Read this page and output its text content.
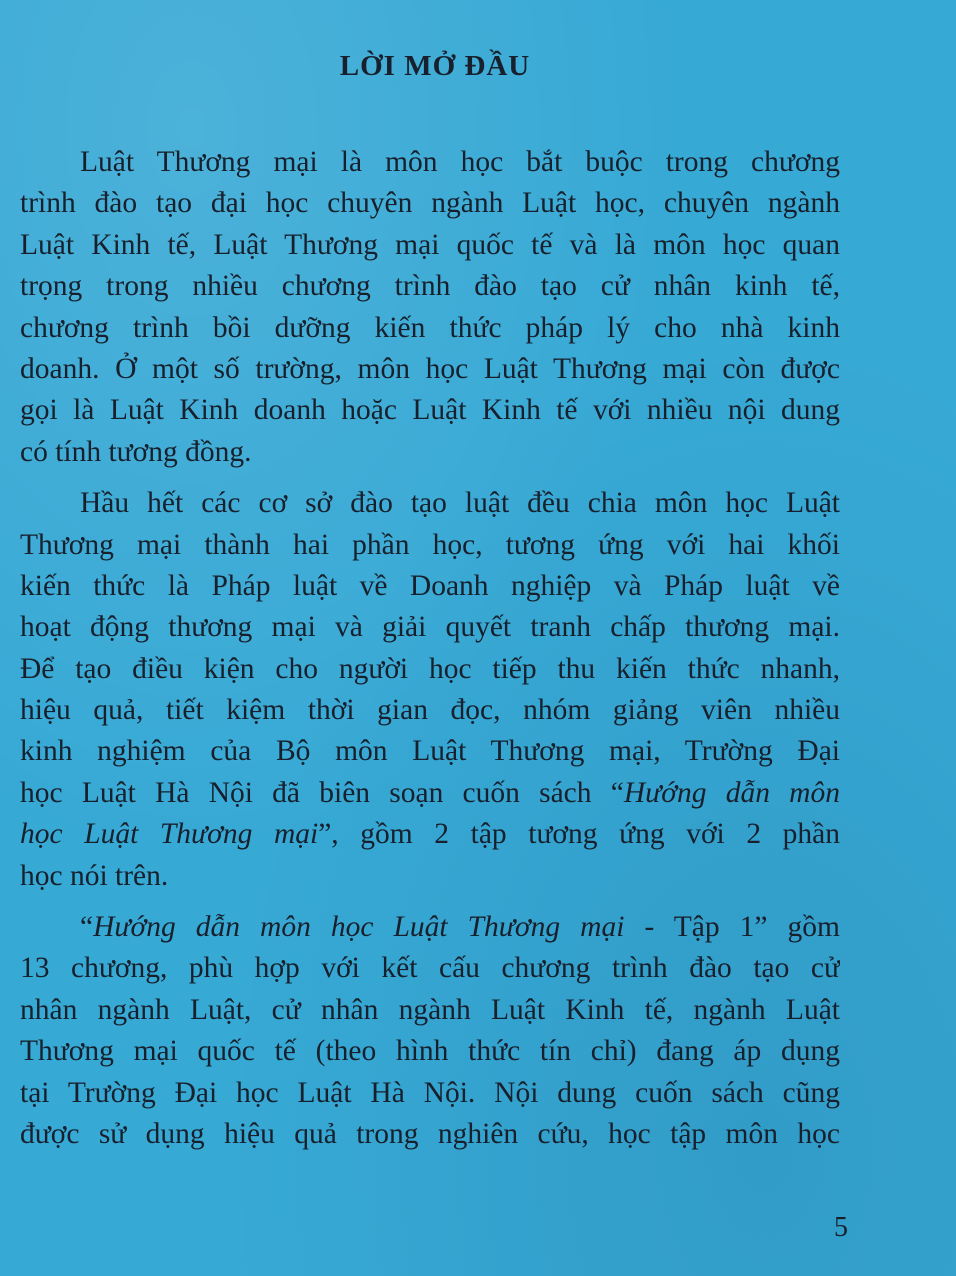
LỜI MỞ ĐẦU
Luật Thương mại là môn học bắt buộc trong chương
trình đào tạo đại học chuyên ngành Luật học, chuyên ngành
Luật Kinh tế, Luật Thương mại quốc tế và là môn học quan
trọng trong nhiều chương trình đào tạo cử nhân kinh tế,
chương trình bồi dưỡng kiến thức pháp lý cho nhà kinh
doanh. Ở một số trường, môn học Luật Thương mại còn được
gọi là Luật Kinh doanh hoặc Luật Kinh tế với nhiều nội dung
có tính tương đồng.
Hầu hết các cơ sở đào tạo luật đều chia môn học Luật
Thương mại thành hai phần học, tương ứng với hai khối
kiến thức là Pháp luật về Doanh nghiệp và Pháp luật về
hoạt động thương mại và giải quyết tranh chấp thương mại.
Để tạo điều kiện cho người học tiếp thu kiến thức nhanh,
hiệu quả, tiết kiệm thời gian đọc, nhóm giảng viên nhiều
kinh nghiệm của Bộ môn Luật Thương mại, Trường Đại
học Luật Hà Nội đã biên soạn cuốn sách “Hướng dẫn môn
học Luật Thương mại”, gồm 2 tập tương ứng với 2 phần
học nói trên.
“Hướng dẫn môn học Luật Thương mại - Tập 1” gồm
13 chương, phù hợp với kết cấu chương trình đào tạo cử
nhân ngành Luật, cử nhân ngành Luật Kinh tế, ngành Luật
Thương mại quốc tế (theo hình thức tín chỉ) đang áp dụng
tại Trường Đại học Luật Hà Nội. Nội dung cuốn sách cũng
được sử dụng hiệu quả trong nghiên cứu, học tập môn học

5
